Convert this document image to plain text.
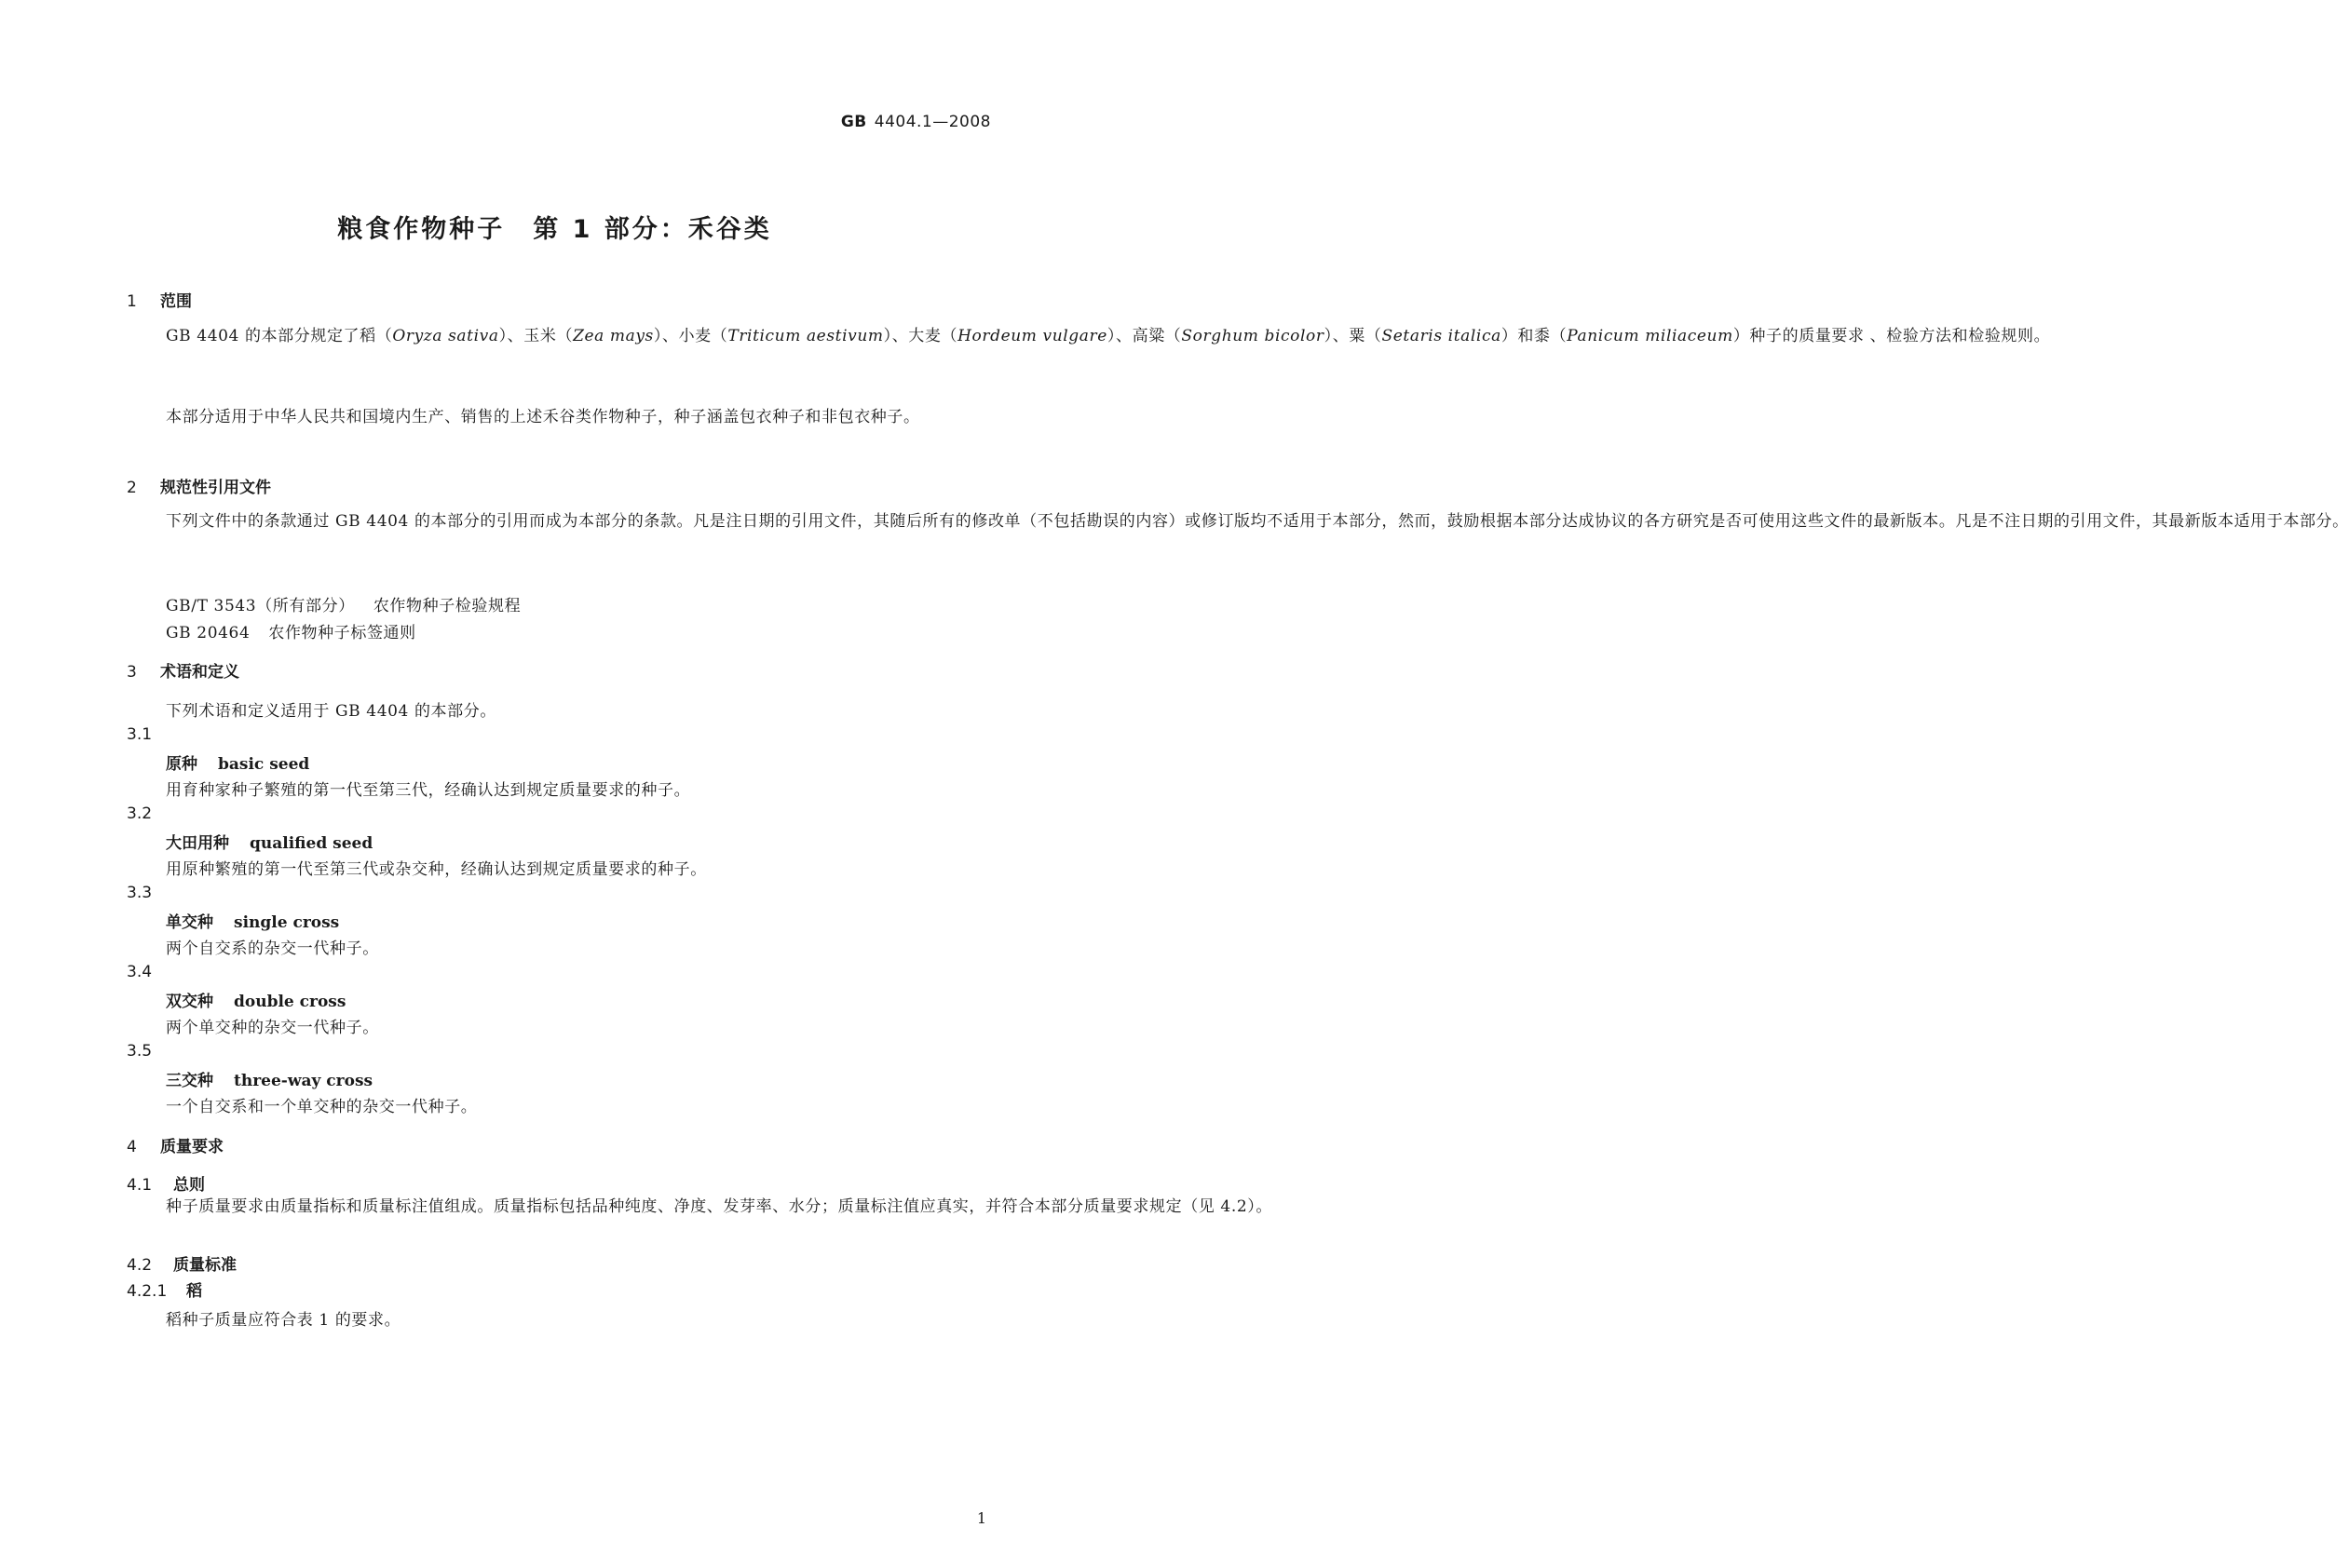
GB 4404.1—2008
粮食作物种子　第 1 部分：禾谷类
1 范围
GB 4404 的本部分规定了稻（Oryza sativa）、玉米（Zea mays）、小麦（Triticum aestivum）、大麦（Hordeum vulgare）、高粱（Sorghum bicolor）、粟（Setaris italica）和黍（Panicum miliaceum）种子的质量要求 、检验方法和检验规则。
本部分适用于中华人民共和国境内生产、销售的上述禾谷类作物种子，种子涵盖包衣种子和非包衣种子。
2 规范性引用文件
下列文件中的条款通过 GB 4404 的本部分的引用而成为本部分的条款。凡是注日期的引用文件，其随后所有的修改单（不包括勘误的内容）或修订版均不适用于本部分，然而，鼓励根据本部分达成协议的各方研究是否可使用这些文件的最新版本。凡是不注日期的引用文件，其最新版本适用于本部分。
GB/T 3543（所有部分） 农作物种子检验规程
GB 20464 农作物种子标签通则
3 术语和定义
下列术语和定义适用于 GB 4404 的本部分。
3.1
原种 basic seed
用育种家种子繁殖的第一代至第三代，经确认达到规定质量要求的种子。
3.2
大田用种 qualified seed
用原种繁殖的第一代至第三代或杂交种，经确认达到规定质量要求的种子。
3.3
单交种 single cross
两个自交系的杂交一代种子。
3.4
双交种 double cross
两个单交种的杂交一代种子。
3.5
三交种 three-way cross
一个自交系和一个单交种的杂交一代种子。
4 质量要求
4.1 总则
种子质量要求由质量指标和质量标注值组成。质量指标包括品种纯度、净度、发芽率、水分；质量标注值应真实，并符合本部分质量要求规定（见 4.2）。
4.2 质量标准
4.2.1 稻
稻种子质量应符合表 1 的要求。
1
